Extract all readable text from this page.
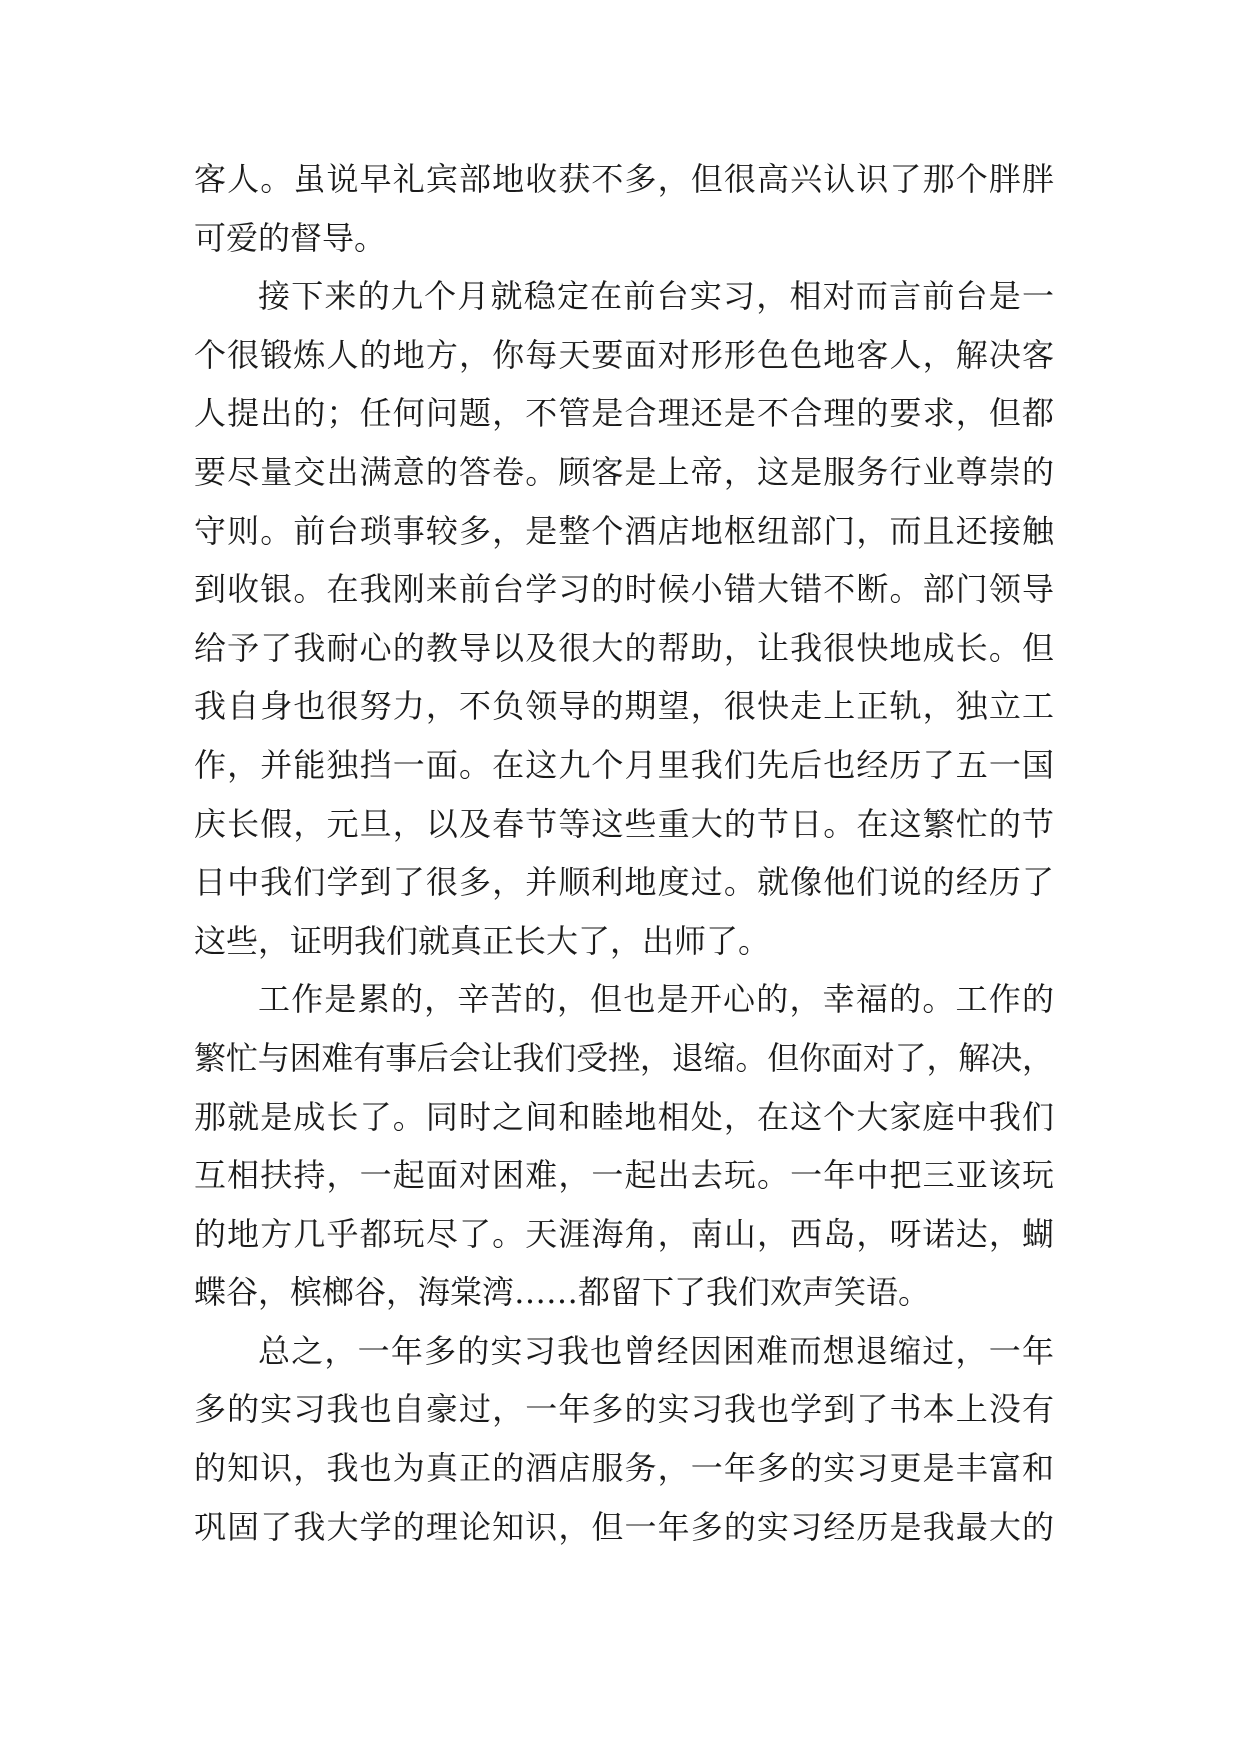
客人。虽说早礼宾部地收获不多，但很高兴认识了那个胖胖
可爱的督导。
接下来的九个月就稳定在前台实习，相对而言前台是一
个很锻炼人的地方，你每天要面对形形色色地客人，解决客
人提出的；任何问题，不管是合理还是不合理的要求，但都
要尽量交出满意的答卷。顾客是上帝，这是服务行业尊崇的
守则。前台琐事较多，是整个酒店地枢纽部门，而且还接触
到收银。在我刚来前台学习的时候小错大错不断。部门领导
给予了我耐心的教导以及很大的帮助，让我很快地成长。但
我自身也很努力，不负领导的期望，很快走上正轨，独立工
作，并能独挡一面。在这九个月里我们先后也经历了五一国
庆长假，元旦，以及春节等这些重大的节日。在这繁忙的节
日中我们学到了很多，并顺利地度过。就像他们说的经历了
这些，证明我们就真正长大了，出师了。
工作是累的，辛苦的，但也是开心的，幸福的。工作的
繁忙与困难有事后会让我们受挫，退缩。但你面对了，解决，
那就是成长了。同时之间和睦地相处，在这个大家庭中我们
互相扶持，一起面对困难，一起出去玩。一年中把三亚该玩
的地方几乎都玩尽了。天涯海角，南山，西岛，呀诺达，蝴
蝶谷，槟榔谷，海棠湾……都留下了我们欢声笑语。
总之，一年多的实习我也曾经因困难而想退缩过，一年
多的实习我也自豪过，一年多的实习我也学到了书本上没有
的知识，我也为真正的酒店服务，一年多的实习更是丰富和
巩固了我大学的理论知识，但一年多的实习经历是我最大的
